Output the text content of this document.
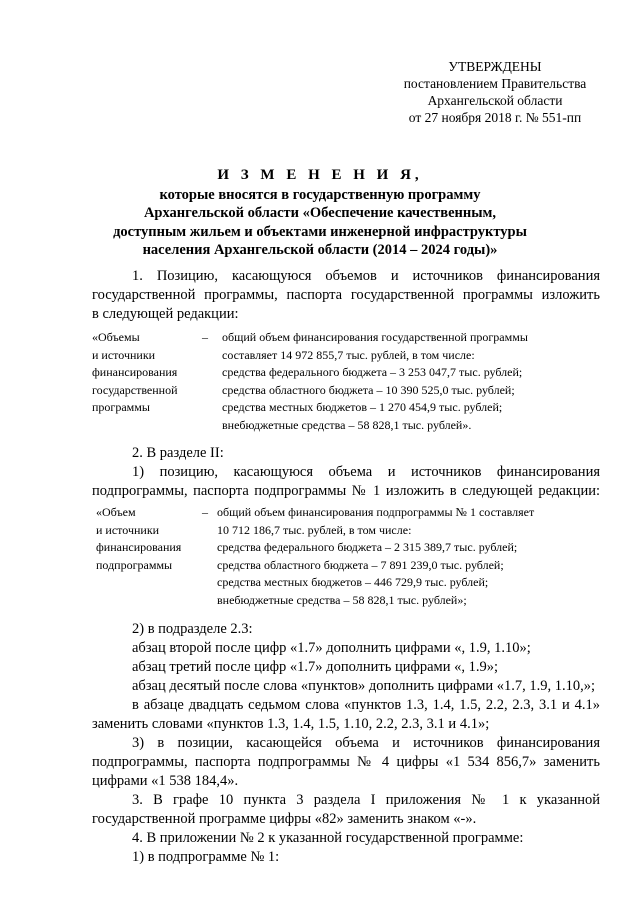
УТВЕРЖДЕНЫ
постановлением Правительства
Архангельской области
от 27 ноября 2018 г. № 551-пп
И З М Е Н Е Н И Я,
которые вносятся в государственную программу
Архангельской области «Обеспечение качественным,
доступным жильем и объектами инженерной инфраструктуры
населения Архангельской области (2014 – 2024 годы)»
1. Позицию, касающуюся объемов и источников финансирования
государственной программы, паспорта государственной программы изложить
в следующей редакции:
«Объемы
и источники
финансирования
государственной
программы
– общий объем финансирования государственной программы
составляет 14 972 855,7 тыс. рублей, в том числе:
средства федерального бюджета – 3 253 047,7 тыс. рублей;
средства областного бюджета – 10 390 525,0 тыс. рублей;
средства местных бюджетов – 1 270 454,9 тыс. рублей;
внебюджетные средства – 58 828,1 тыс. рублей».
2. В разделе II:
1) позицию, касающуюся объема и источников финансирования
подпрограммы, паспорта подпрограммы № 1 изложить в следующей редакции:
«Объем
и источники
финансирования
подпрограммы
– общий объем финансирования подпрограммы № 1 составляет
10 712 186,7 тыс. рублей, в том числе:
средства федерального бюджета – 2 315 389,7 тыс. рублей;
средства областного бюджета – 7 891 239,0 тыс. рублей;
средства местных бюджетов – 446 729,9 тыс. рублей;
внебюджетные средства – 58 828,1 тыс. рублей»;
2) в подразделе 2.3:
абзац второй после цифр «1.7» дополнить цифрами «, 1.9, 1.10»;
абзац третий после цифр «1.7» дополнить цифрами «, 1.9»;
абзац десятый после слова «пунктов» дополнить цифрами «1.7, 1.9, 1.10,»;
в абзаце двадцать седьмом слова «пунктов 1.3, 1.4, 1.5, 2.2, 2.3, 3.1 и 4.1»
заменить словами «пунктов 1.3, 1.4, 1.5, 1.10, 2.2, 2.3, 3.1 и 4.1»;
3) в позиции, касающейся объема и источников финансирования
подпрограммы, паспорта подпрограммы № 4 цифры «1 534 856,7» заменить
цифрами «1 538 184,4».
3. В графе 10 пункта 3 раздела I приложения № 1 к указанной
государственной программе цифры «82» заменить знаком «-».
4. В приложении № 2 к указанной государственной программе:
1) в подпрограмме № 1:
